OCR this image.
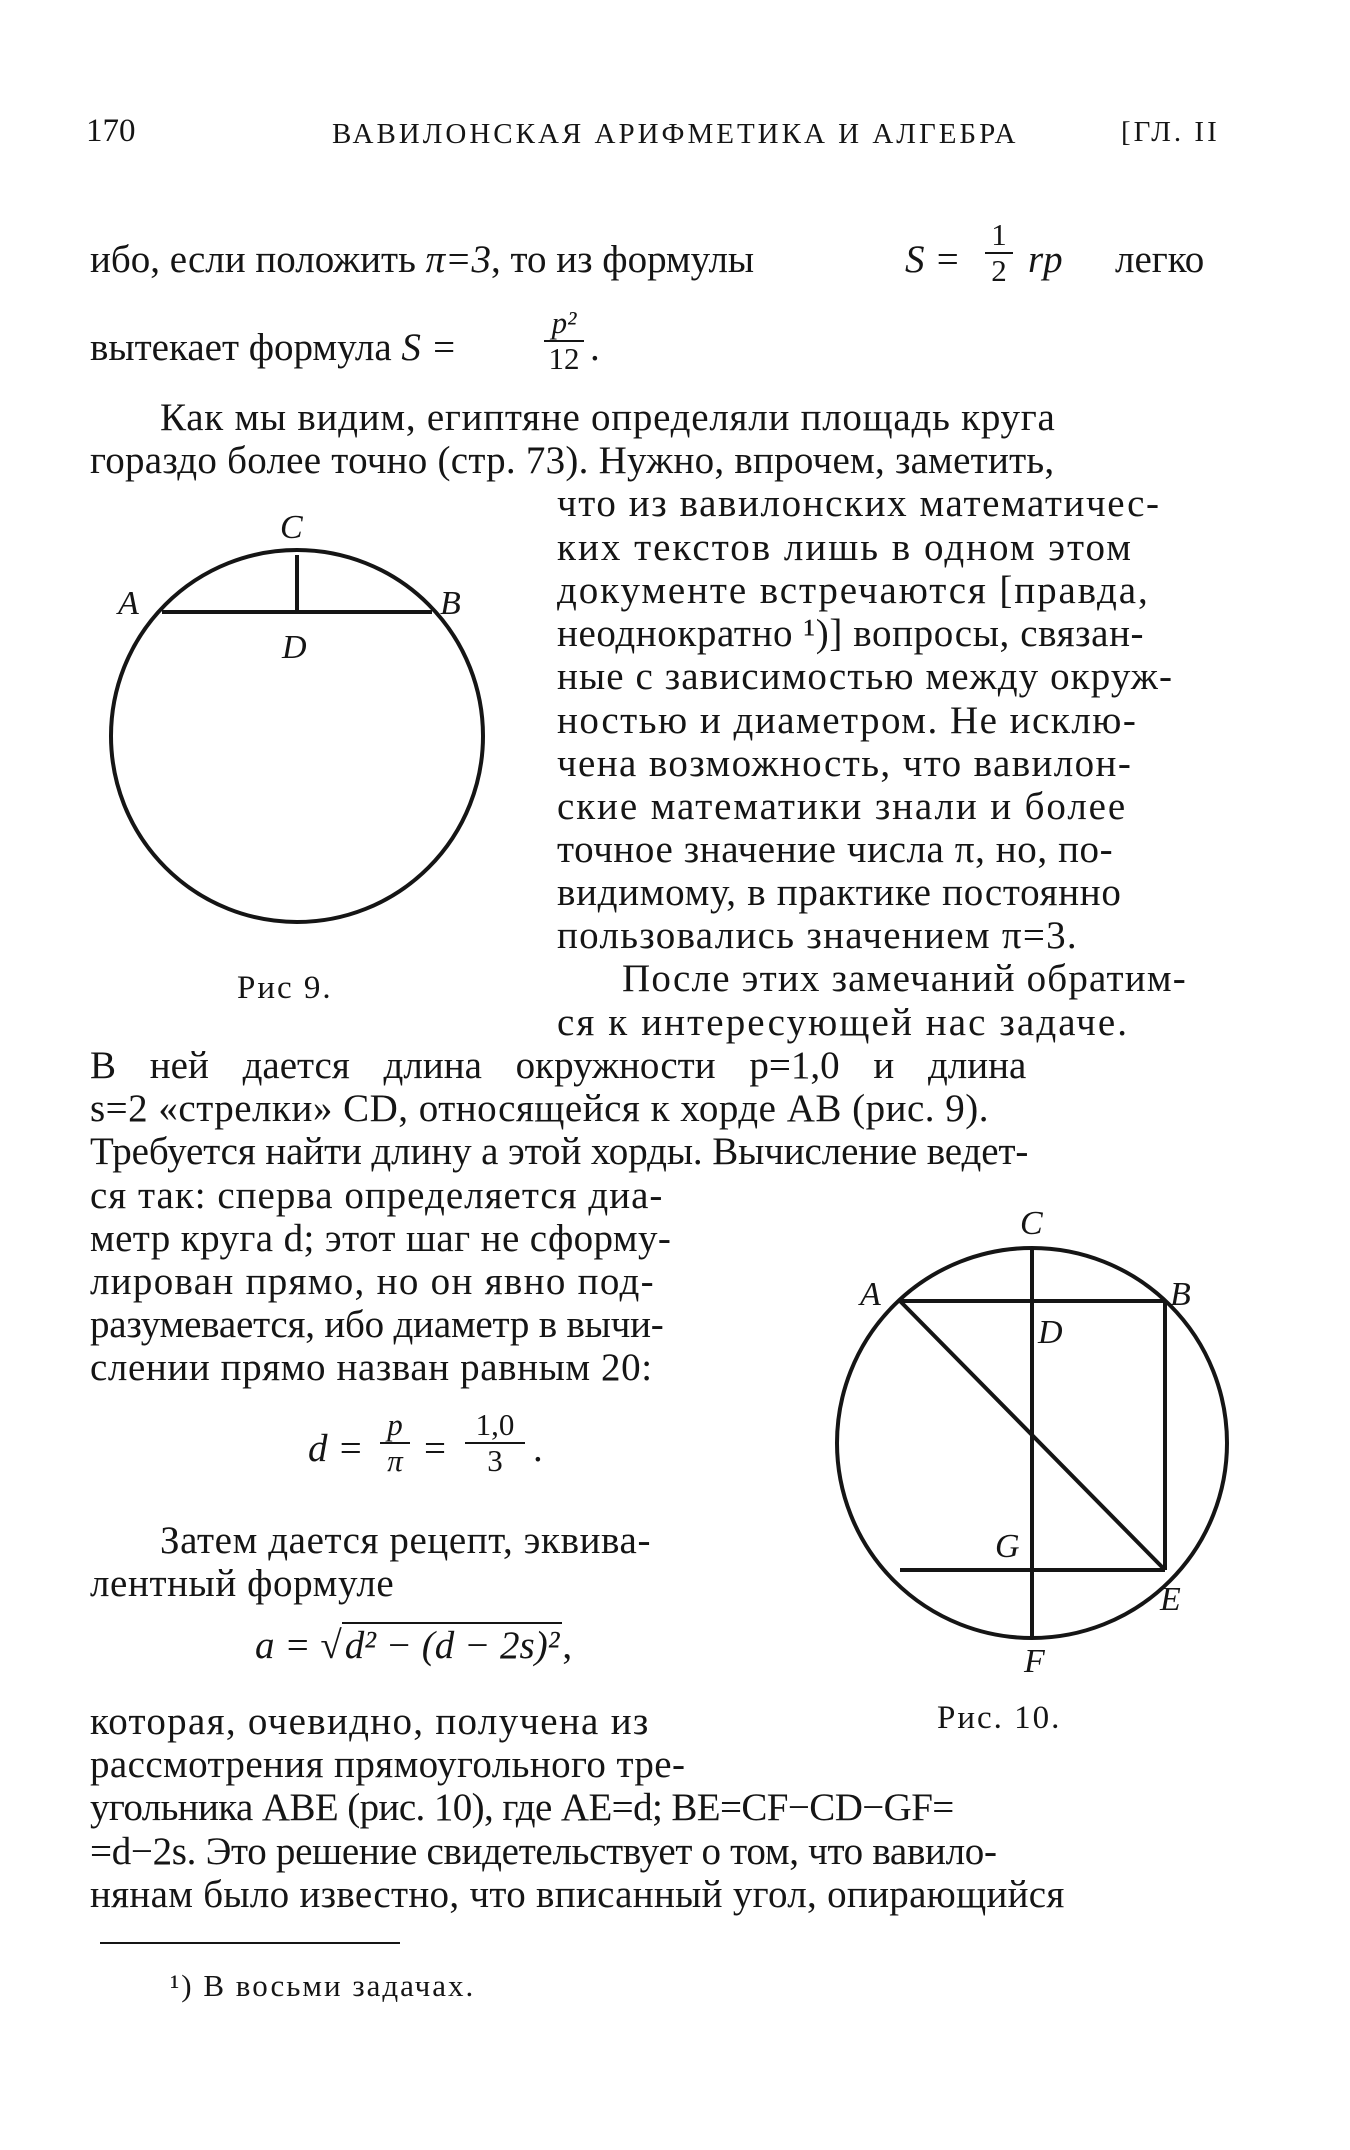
170	ВАВИЛОНСКАЯ АРИФМЕТИКА И АЛГЕБРА	[ГЛ. II
ибо, если положить π=3, то из формулы	$S = \frac{1}{2}$ rp легко
вытекает формула S =	$\frac{\text{p²}}{12}$ .
Как мы видим, египтяне определяли площадь круга
гораздо более точно (стр. 73). Нужно, впрочем, заметить,
что из вавилонских математичес-
ких текстов лишь в одном этом
документе встречаются [правда,
неоднократно ¹)] вопросы, связан-
ные с зависимостью между окруж-
ностью и диаметром. Не исклю-
чена возможность, что вавилон-
ские математики знали и более
точное значение числа π, но, по-
видимому, в практике постоянно
пользовались значением π=3.
C
A	B
D
Рис 9.	После этих замечаний обратим-
ся к интересующей нас задаче.
В ней дается длина окружности p=1,0 и длина
s=2 «стрелки» CD, относящейся к хорде AB (рис. 9).
Требуется найти длину a этой хорды. Вычисление ведет-
ся так: сперва определяется диа-
метр круга d; этот шаг не сформу-
лирован прямо, но он явно под-
разумевается, ибо диаметр в вычи-
слении прямо назван равным 20:
$d = \frac{p}{\pi} = \frac{1,0}{3}$ .
Затем дается рецепт, эквива-
лентный формуле
a = √d² − (d − 2s)²,
C
A	B
D
G
E
F
Рис. 10.
которая, очевидно, получена из
рассмотрения прямоугольного тре-
угольника ABE (рис. 10), где AE=d; BE=CF−CD−GF=
=d−2s. Это решение свидетельствует о том, что вавило-
нянам было известно, что вписанный угол, опирающийся
¹) В восьми задачах.
